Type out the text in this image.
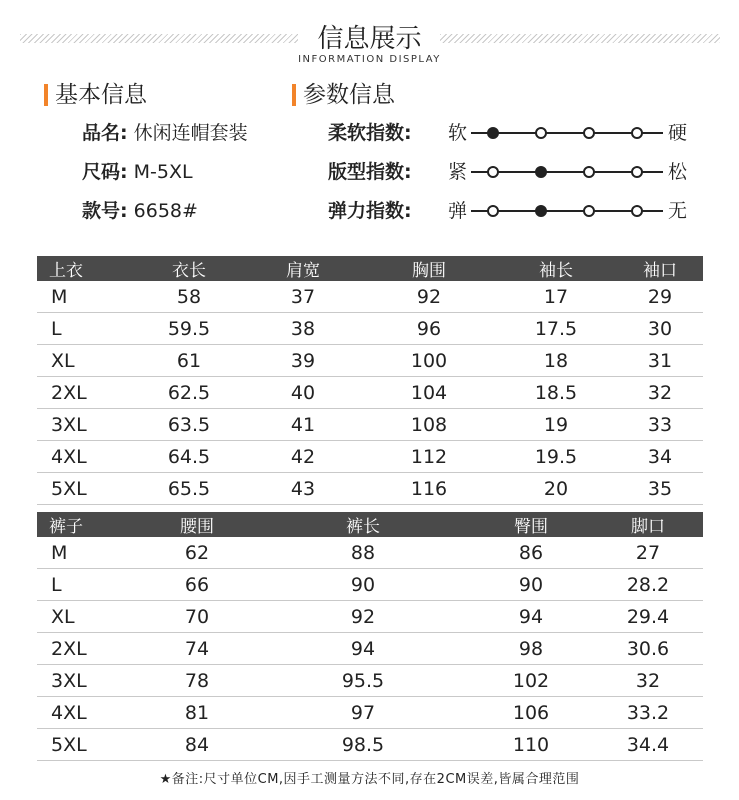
信息展示
INFORMATION DISPLAY
基本信息	参数信息
品名: 休闲连帽套装
尺码: M-5XL
款号: 6658#
柔软指数: 软	硬
版型指数: 紧	松
弹力指数: 弹	无
上衣	衣长	肩宽	胸围	袖长	袖口
M	58	37	92	17	29
L	59.5	38	96	17.5	30
XL	61	39	100	18	31
2XL	62.5	40	104	18.5	32
3XL	63.5	41	108	19	33
4XL	64.5	42	112	19.5	34
5XL	65.5	43	116	20	35
裤子	腰围	裤长	臀围	脚口
M	62	88	86	27
L	66	90	90	28.2
XL	70	92	94	29.4
2XL	74	94	98	30.6
3XL	78	95.5	102	32
4XL	81	97	106	33.2
5XL	84	98.5	110	34.4
★备注:尺寸单位CM,因手工测量方法不同,存在2CM误差,皆属合理范围
